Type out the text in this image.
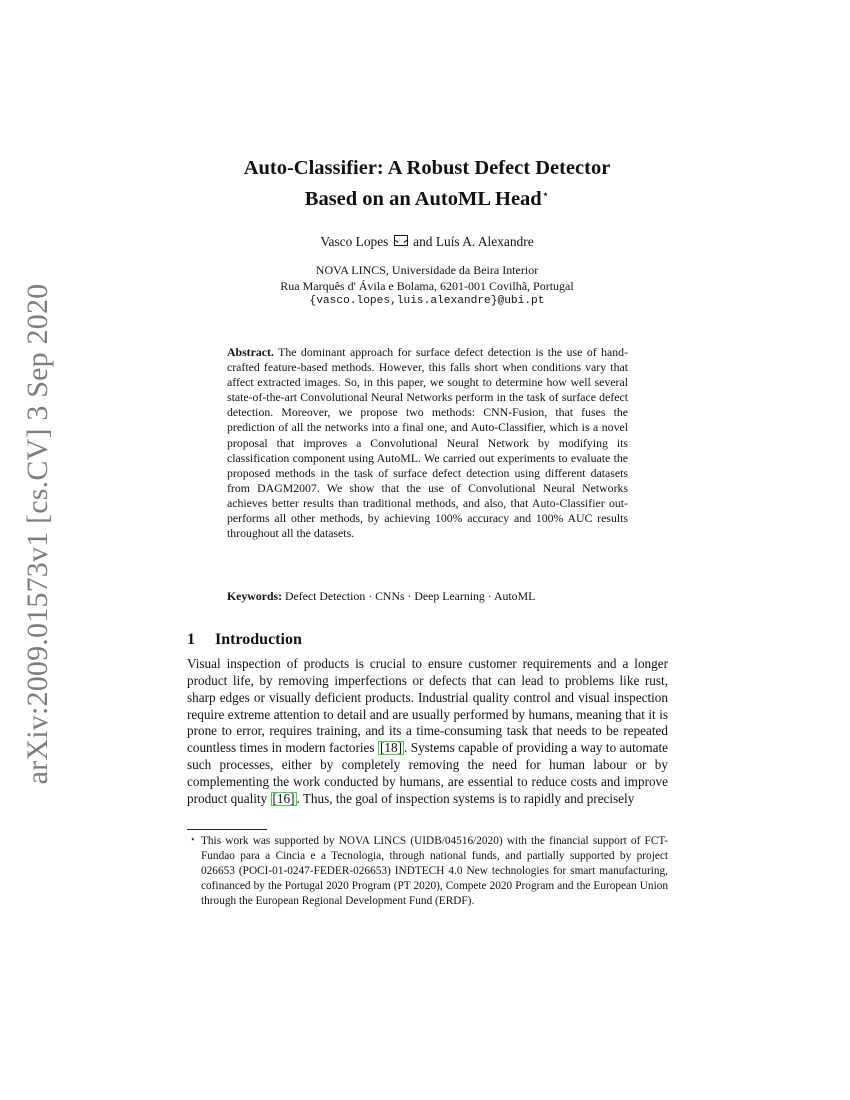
arXiv:2009.01573v1 [cs.CV] 3 Sep 2020
Auto-Classifier: A Robust Defect Detector
Based on an AutoML Head⋆
Vasco Lopes and Luís A. Alexandre
NOVA LINCS, Universidade da Beira Interior
Rua Marquês d' Ávila e Bolama, 6201-001 Covilhã, Portugal
{vasco.lopes,luis.alexandre}@ubi.pt
Abstract. The dominant approach for surface defect detection is the use of hand-crafted feature-based methods. However, this falls short when conditions vary that affect extracted images. So, in this paper, we sought to determine how well several state-of-the-art Convolutional Neural Networks perform in the task of surface defect detection. Moreover, we propose two methods: CNN-Fusion, that fuses the prediction of all the networks into a final one, and Auto-Classifier, which is a novel proposal that improves a Convolutional Neural Network by modifying its classification component using AutoML. We carried out experiments to evaluate the proposed methods in the task of surface defect detection using different datasets from DAGM2007. We show that the use of Convolutional Neural Networks achieves better results than traditional methods, and also, that Auto-Classifier out-performs all other methods, by achieving 100% accuracy and 100% AUC results throughout all the datasets.
Keywords: Defect Detection · CNNs · Deep Learning · AutoML
1 Introduction
Visual inspection of products is crucial to ensure customer requirements and a longer product life, by removing imperfections or defects that can lead to problems like rust, sharp edges or visually deficient products. Industrial quality control and visual inspection require extreme attention to detail and are usually performed by humans, meaning that it is prone to error, requires training, and its a time-consuming task that needs to be repeated countless times in modern factories [18] . Systems capable of providing a way to automate such processes, either by completely removing the need for human labour or by complementing the work conducted by humans, are essential to reduce costs and improve product quality [16] . Thus, the goal of inspection systems is to rapidly and precisely
⋆ This work was supported by NOVA LINCS (UIDB/04516/2020) with the financial support of FCT-Fundao para a Cincia e a Tecnologia, through national funds, and partially supported by project 026653 (POCI-01-0247-FEDER-026653) INDTECH 4.0 New technologies for smart manufacturing, cofinanced by the Portugal 2020 Program (PT 2020), Compete 2020 Program and the European Union through the European Regional Development Fund (ERDF).
